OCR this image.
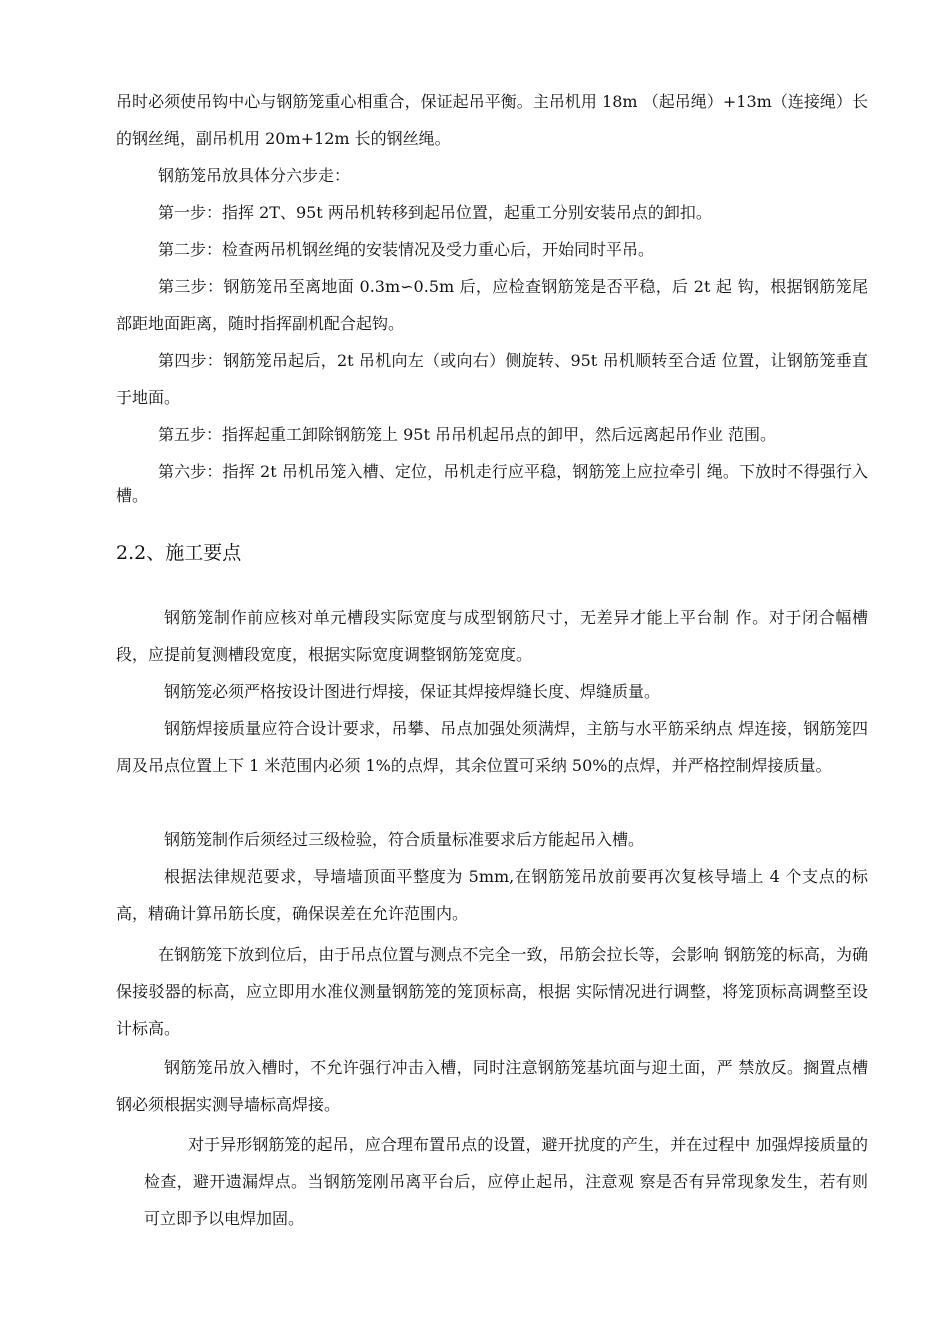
吊时必须使吊钩中心与钢筋笼重心相重合，保证起吊平衡。主吊机用 18m （起吊绳）+13m（连接绳）长的钢丝绳，副吊机用 20m+12m 长的钢丝绳。

钢筋笼吊放具体分六步走：

第一步：指挥 2T、95t 两吊机转移到起吊位置，起重工分别安装吊点的卸扣。

第二步：检查两吊机钢丝绳的安装情况及受力重心后，开始同时平吊。

第三步：钢筋笼吊至离地面 0.3m∽0.5m 后，应检查钢筋笼是否平稳，后 2t 起 钩，根据钢筋笼尾部距地面距离，随时指挥副机配合起钩。

第四步：钢筋笼吊起后，2t 吊机向左（或向右）侧旋转、95t 吊机顺转至合适 位置，让钢筋笼垂直于地面。

第五步：指挥起重工卸除钢筋笼上 95t 吊吊机起吊点的卸甲，然后远离起吊作业 范围。

第六步：指挥 2t 吊机吊笼入槽、定位，吊机走行应平稳，钢筋笼上应拉牵引 绳。下放时不得强行入槽。

2.2、施工要点

钢筋笼制作前应核对单元槽段实际宽度与成型钢筋尺寸，无差异才能上平台制 作。对于闭合幅槽段，应提前复测槽段宽度，根据实际宽度调整钢筋笼宽度。

钢筋笼必须严格按设计图进行焊接，保证其焊接焊缝长度、焊缝质量。

钢筋焊接质量应符合设计要求，吊攀、吊点加强处须满焊，主筋与水平筋采纳点 焊连接，钢筋笼四周及吊点位置上下 1 米范围内必须 1%的点焊，其余位置可采纳 50%的点焊，并严格控制焊接质量。

钢筋笼制作后须经过三级检验，符合质量标准要求后方能起吊入槽。

根据法律规范要求，导墙墙顶面平整度为 5mm,在钢筋笼吊放前要再次复核导墙上 4 个支点的标高，精确计算吊筋长度，确保误差在允许范围内。

在钢筋笼下放到位后，由于吊点位置与测点不完全一致，吊筋会拉长等，会影响 钢筋笼的标高，为确保接驳器的标高，应立即用水准仪测量钢筋笼的笼顶标高，根据 实际情况进行调整，将笼顶标高调整至设计标高。

钢筋笼吊放入槽时，不允许强行冲击入槽，同时注意钢筋笼基坑面与迎土面，严 禁放反。搁置点槽钢必须根据实测导墙标高焊接。

对于异形钢筋笼的起吊，应合理布置吊点的设置，避开扰度的产生，并在过程中 加强焊接质量的检查，避开遗漏焊点。当钢筋笼刚吊离平台后，应停止起吊，注意观 察是否有异常现象发生，若有则可立即予以电焊加固。
